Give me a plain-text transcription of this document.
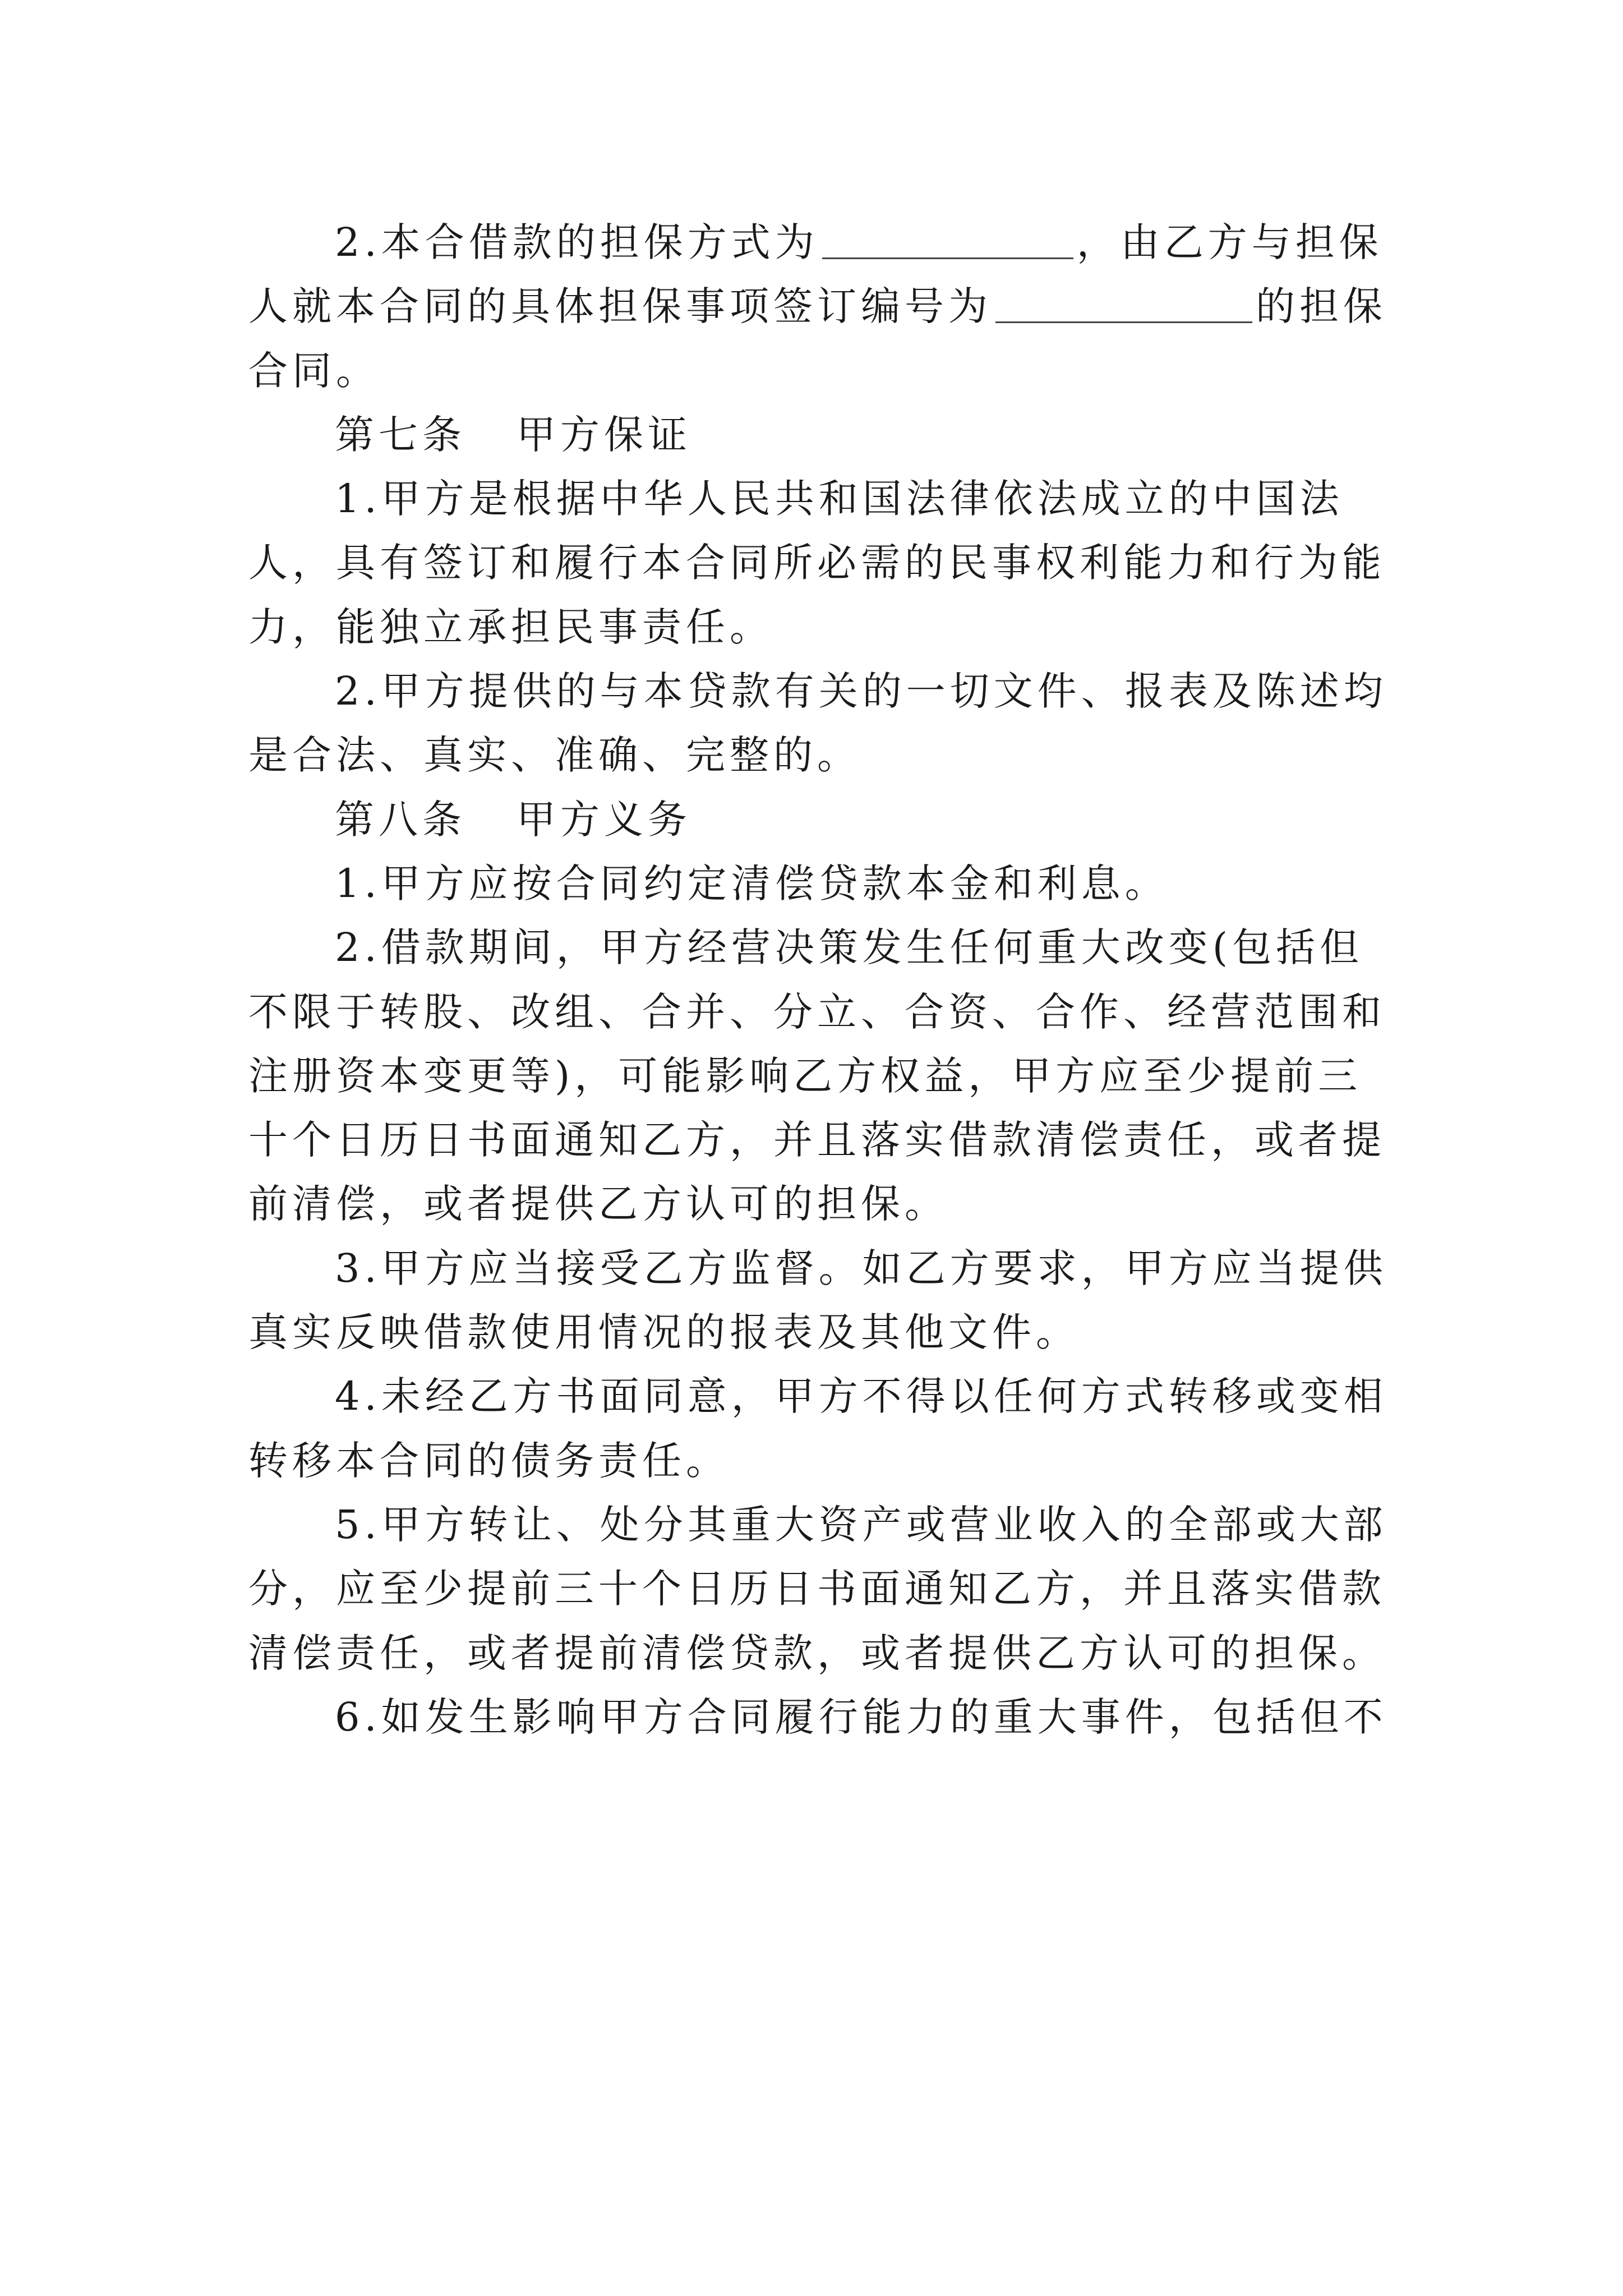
2.本合借款的担保方式为	，由乙方与担保

人就本合同的具体担保事项签订编号为	的担保

合同。

第七条 甲方保证

1.甲方是根据中华人民共和国法律依法成立的中国法

人，具有签订和履行本合同所必需的民事权利能力和行为能

力，能独立承担民事责任。

2.甲方提供的与本贷款有关的一切文件、报表及陈述均

是合法、真实、准确、完整的。

第八条 甲方义务

1.甲方应按合同约定清偿贷款本金和利息。

2.借款期间，甲方经营决策发生任何重大改变(包括但

不限于转股、改组、合并、分立、合资、合作、经营范围和

注册资本变更等)，可能影响乙方权益，甲方应至少提前三

十个日历日书面通知乙方，并且落实借款清偿责任，或者提

前清偿，或者提供乙方认可的担保。

3.甲方应当接受乙方监督。如乙方要求，甲方应当提供

真实反映借款使用情况的报表及其他文件。

4.未经乙方书面同意，甲方不得以任何方式转移或变相

转移本合同的债务责任。

5.甲方转让、处分其重大资产或营业收入的全部或大部

分，应至少提前三十个日历日书面通知乙方，并且落实借款

清偿责任，或者提前清偿贷款，或者提供乙方认可的担保。

6.如发生影响甲方合同履行能力的重大事件，包括但不
